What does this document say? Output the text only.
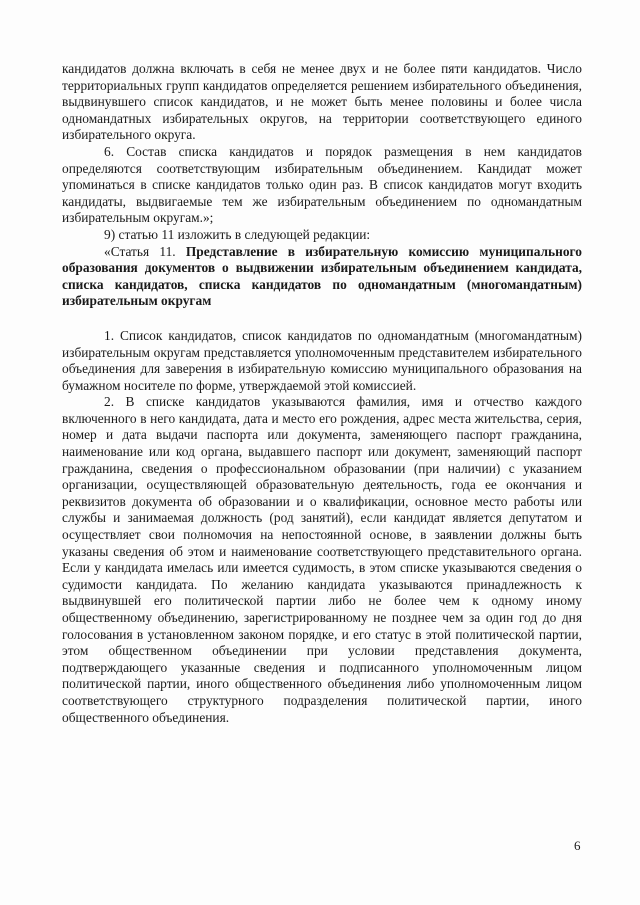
кандидатов должна включать в себя не менее двух и не более пяти кандидатов. Число территориальных групп кандидатов определяется решением избирательного объединения, выдвинувшего список кандидатов, и не может быть менее половины и более числа одномандатных избирательных округов, на территории соответствующего единого избирательного округа.

6. Состав списка кандидатов и порядок размещения в нем кандидатов определяются соответствующим избирательным объединением. Кандидат может упоминаться в списке кандидатов только один раз. В список кандидатов могут входить кандидаты, выдвигаемые тем же избирательным объединением по одномандатным избирательным округам.»;

9) статью 11 изложить в следующей редакции:

«Статья 11. Представление в избирательную комиссию муниципального образования документов о выдвижении избирательным объединением кандидата, списка кандидатов, списка кандидатов по одномандатным (многомандатным) избирательным округам

1. Список кандидатов, список кандидатов по одномандатным (многомандатным) избирательным округам представляется уполномоченным представителем избирательного объединения для заверения в избирательную комиссию муниципального образования на бумажном носителе по форме, утверждаемой этой комиссией.

2. В списке кандидатов указываются фамилия, имя и отчество каждого включенного в него кандидата, дата и место его рождения, адрес места жительства, серия, номер и дата выдачи паспорта или документа, заменяющего паспорт гражданина, наименование или код органа, выдавшего паспорт или документ, заменяющий паспорт гражданина, сведения о профессиональном образовании (при наличии) с указанием организации, осуществляющей образовательную деятельность, года ее окончания и реквизитов документа об образовании и о квалификации, основное место работы или службы и занимаемая должность (род занятий), если кандидат является депутатом и осуществляет свои полномочия на непостоянной основе, в заявлении должны быть указаны сведения об этом и наименование соответствующего представительного органа. Если у кандидата имелась или имеется судимость, в этом списке указываются сведения о судимости кандидата. По желанию кандидата указываются принадлежность к выдвинувшей его политической партии либо не более чем к одному иному общественному объединению, зарегистрированному не позднее чем за один год до дня голосования в установленном законом порядке, и его статус в этой политической партии, этом общественном объединении при условии представления документа, подтверждающего указанные сведения и подписанного уполномоченным лицом политической партии, иного общественного объединения либо уполномоченным лицом соответствующего структурного подразделения политической партии, иного общественного объединения.

6
